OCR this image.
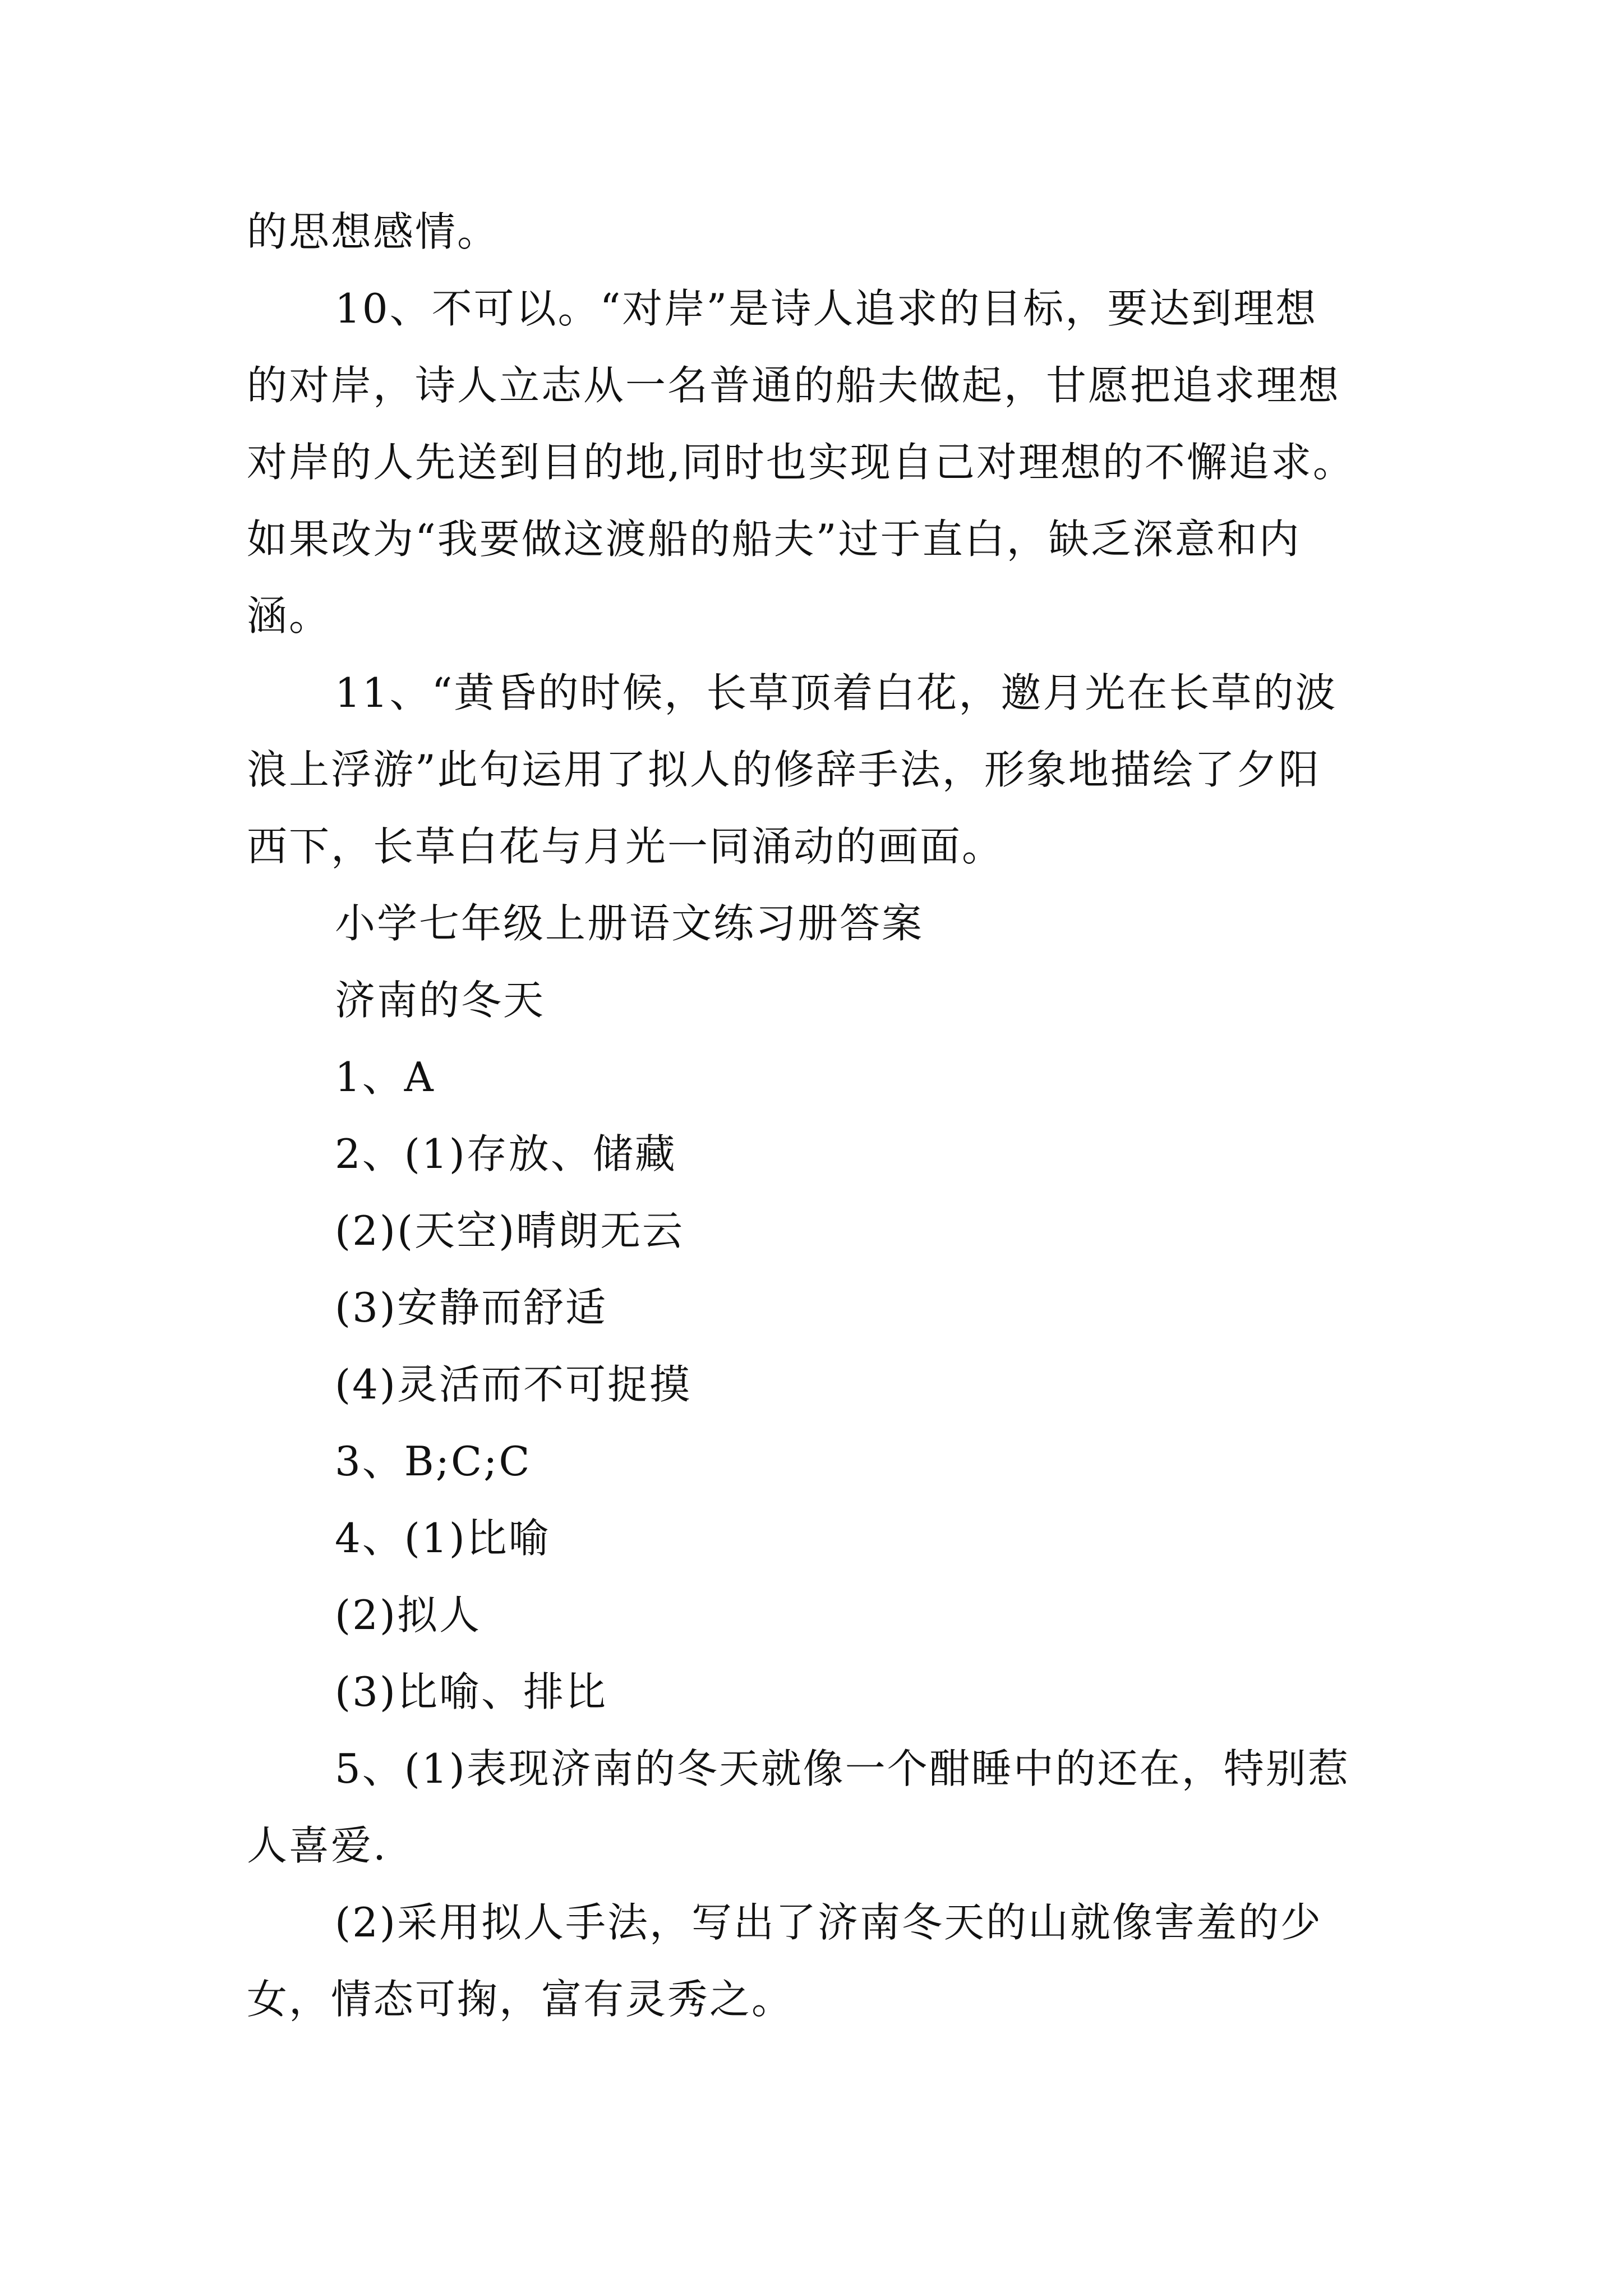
的思想感情。
10、不可以。“对岸”是诗人追求的目标，要达到理想
的对岸，诗人立志从一名普通的船夫做起，甘愿把追求理想
对岸的人先送到目的地,同时也实现自己对理想的不懈追求。
如果改为“我要做这渡船的船夫”过于直白，缺乏深意和内
涵。
11、“黄昏的时候，长草顶着白花，邀月光在长草的波
浪上浮游”此句运用了拟人的修辞手法，形象地描绘了夕阳
西下，长草白花与月光一同涌动的画面。
小学七年级上册语文练习册答案
济南的冬天
1、A
2、(1)存放、储藏
(2)(天空)晴朗无云
(3)安静而舒适
(4)灵活而不可捉摸
3、B;C;C
4、(1)比喻
(2)拟人
(3)比喻、排比
5、(1)表现济南的冬天就像一个酣睡中的还在，特别惹
人喜爱.
(2)采用拟人手法，写出了济南冬天的山就像害羞的少
女，情态可掬，富有灵秀之。
